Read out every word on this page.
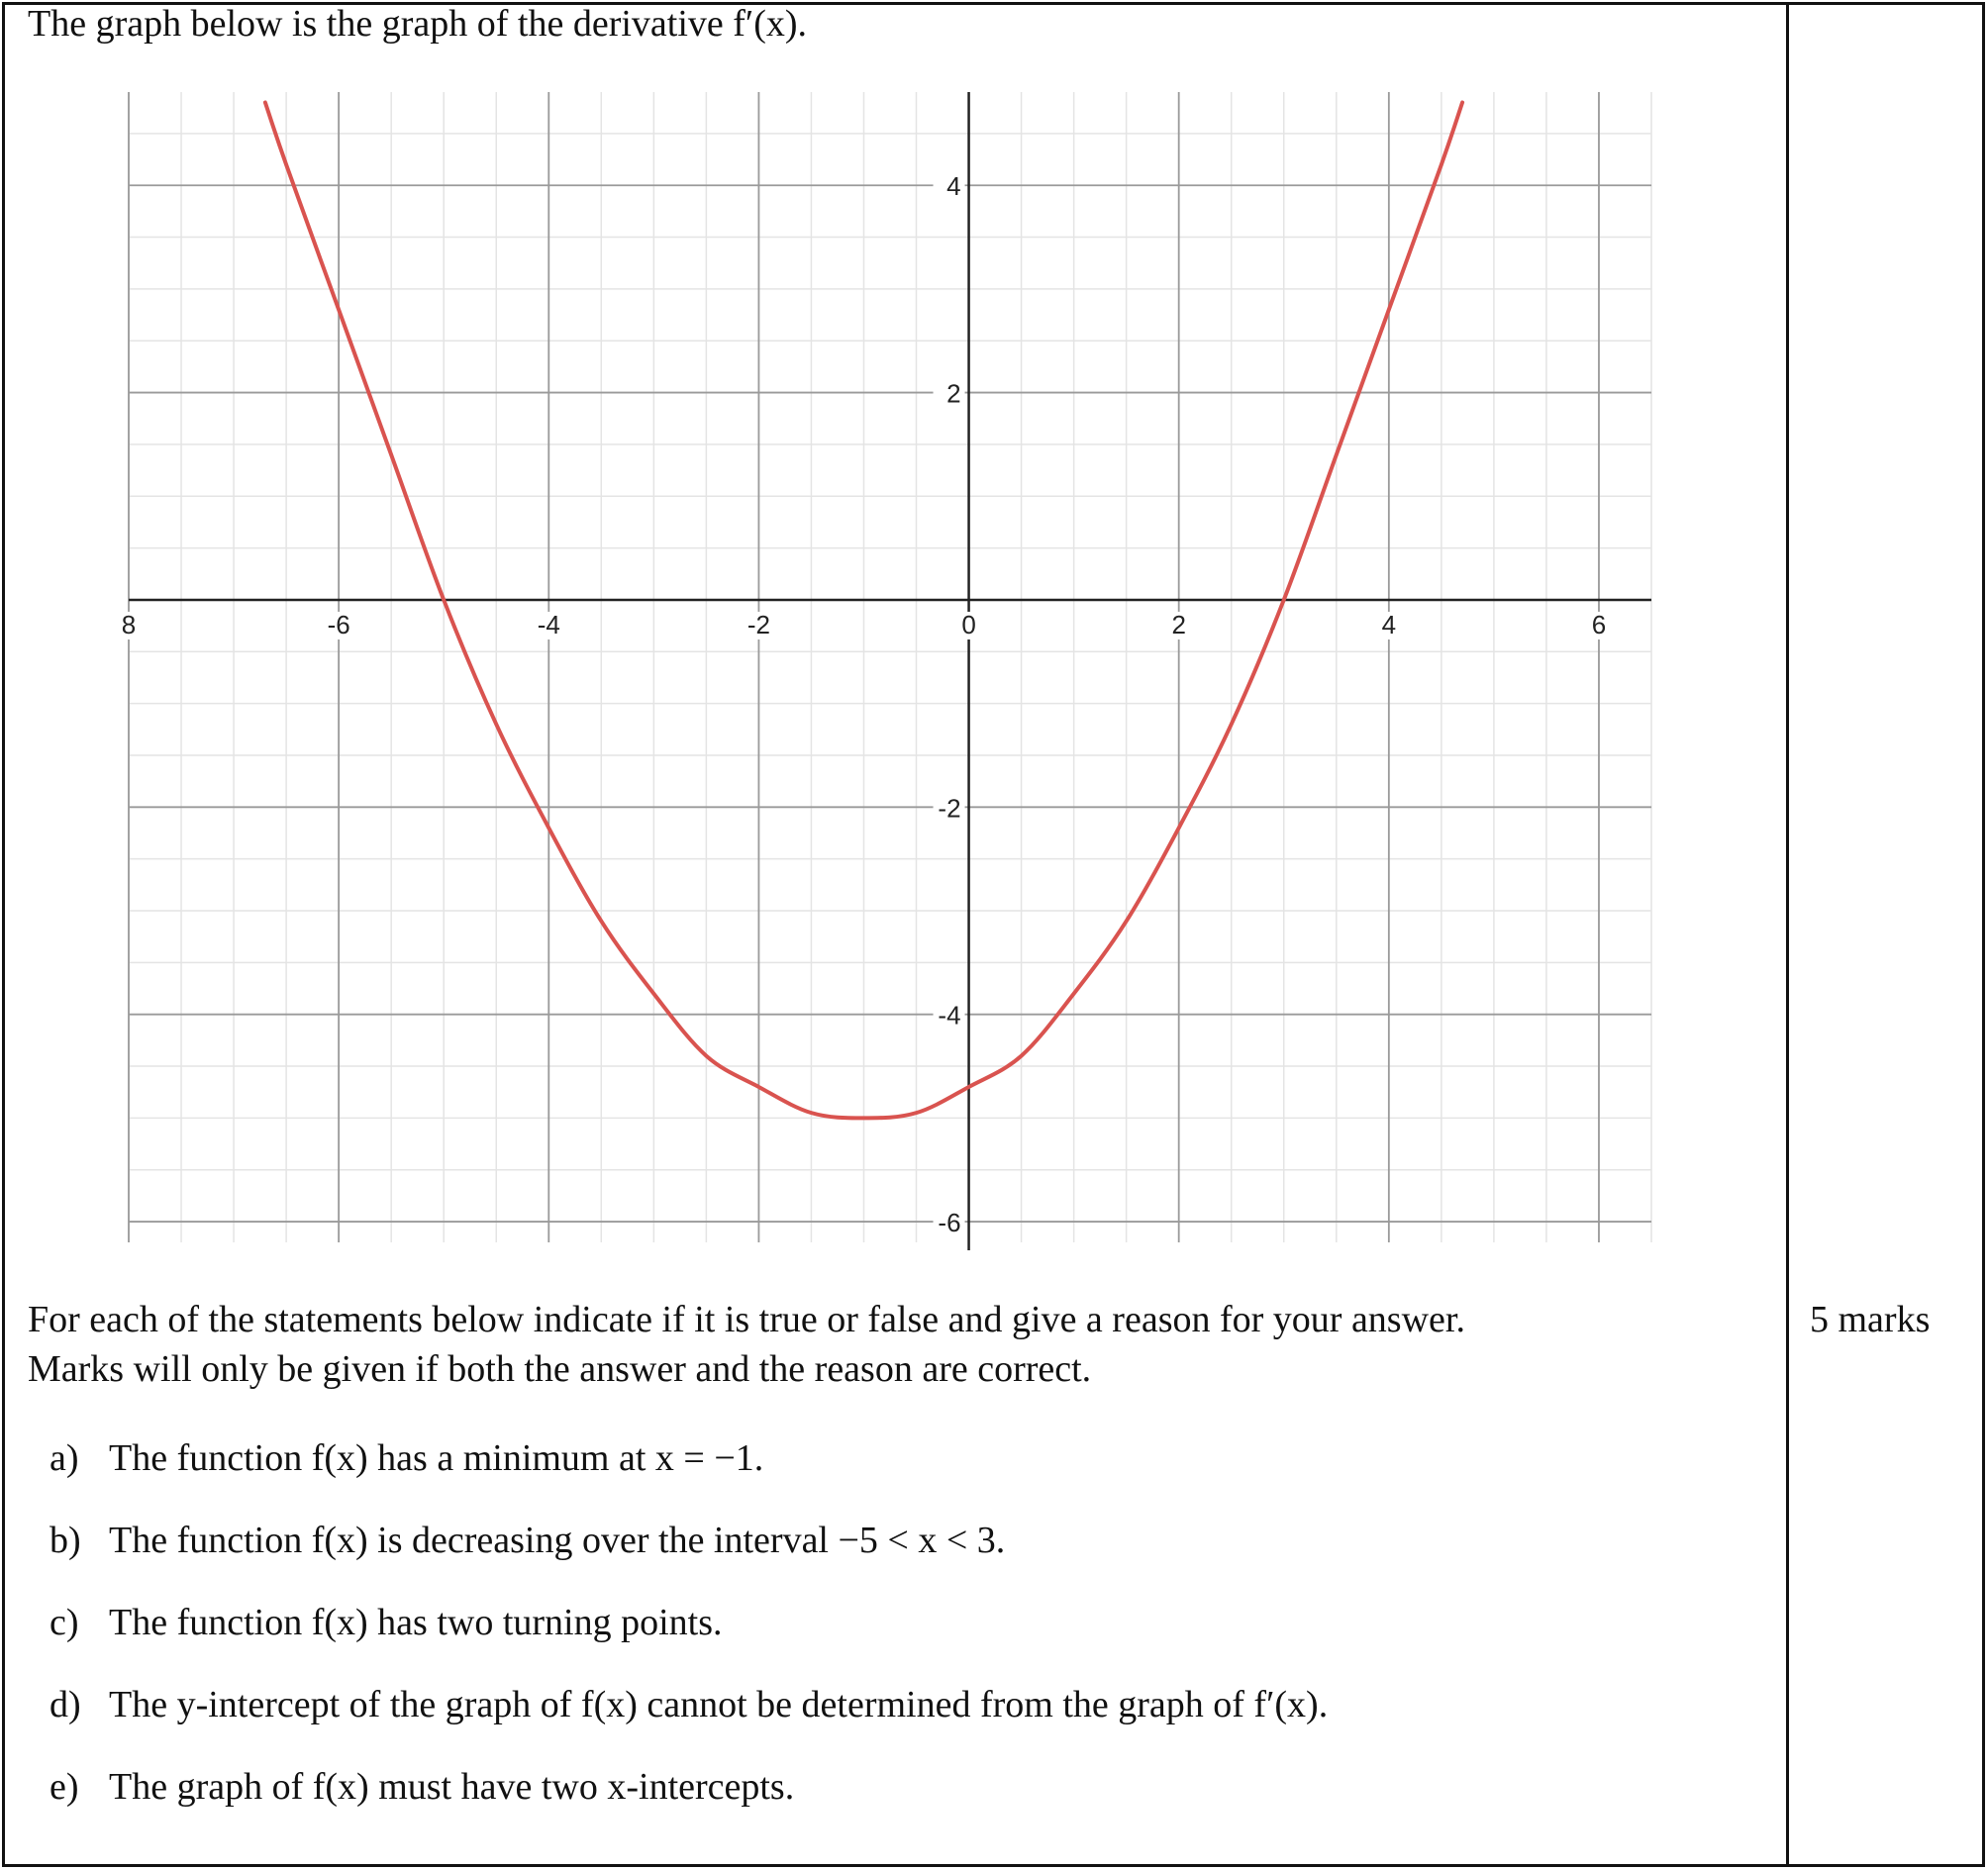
The graph below is the graph of the derivative f′(x).
8	-6	-4	-2	0	2	4	6
-6
-4
-2
2
4

For each of the statements below indicate if it is true or false and give a reason for your answer.

Marks will only be given if both the answer and the reason are correct.

5 marks
a) The function f(x) has a minimum at x = −1.
b) The function f(x) is decreasing over the interval −5 < x < 3.
c) The function f(x) has two turning points.
d) The y-intercept of the graph of f(x) cannot be determined from the graph of f′(x).
e) The graph of f(x) must have two x-intercepts.
